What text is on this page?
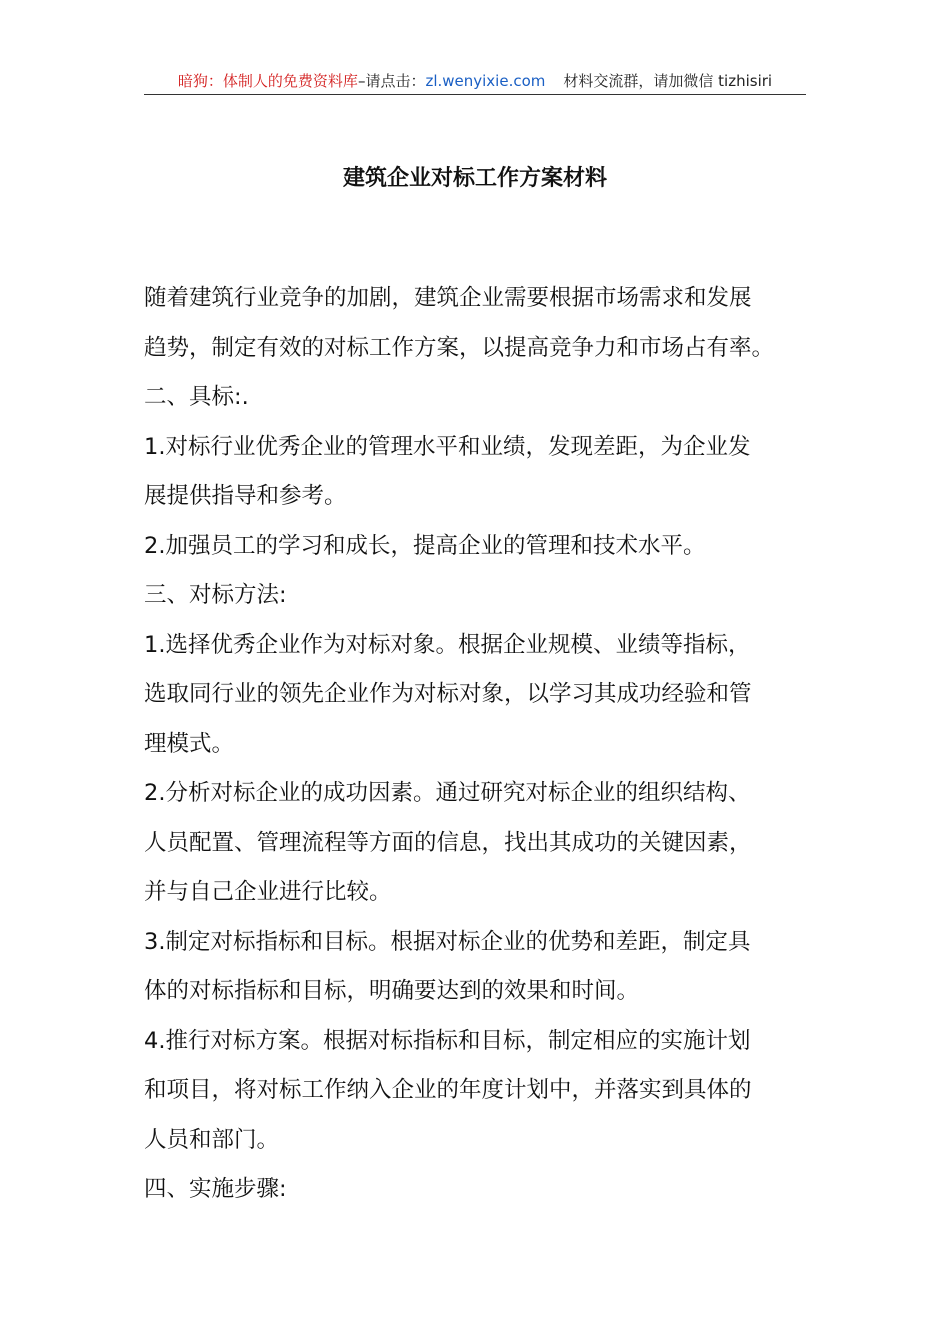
暗狗：体制人的免费资料库–请点击：zl.wenyixie.com 材料交流群，请加微信 tizhisiri
建筑企业对标工作方案材料

随着建筑行业竞争的加剧，建筑企业需要根据市场需求和发展

趋势，制定有效的对标工作方案，以提高竞争力和市场占有率。

二、具标:.

1.对标行业优秀企业的管理水平和业绩，发现差距，为企业发

展提供指导和参考。

2.加强员工的学习和成长，提高企业的管理和技术水平。

三、对标方法:

1.选择优秀企业作为对标对象。根据企业规模、业绩等指标，

选取同行业的领先企业作为对标对象，以学习其成功经验和管

理模式。

2.分析对标企业的成功因素。通过研究对标企业的组织结构、

人员配置、管理流程等方面的信息，找出其成功的关键因素，

并与自己企业进行比较。

3.制定对标指标和目标。根据对标企业的优势和差距，制定具

体的对标指标和目标，明确要达到的效果和时间。

4.推行对标方案。根据对标指标和目标，制定相应的实施计划

和项目，将对标工作纳入企业的年度计划中，并落实到具体的

人员和部门。

四、实施步骤:
